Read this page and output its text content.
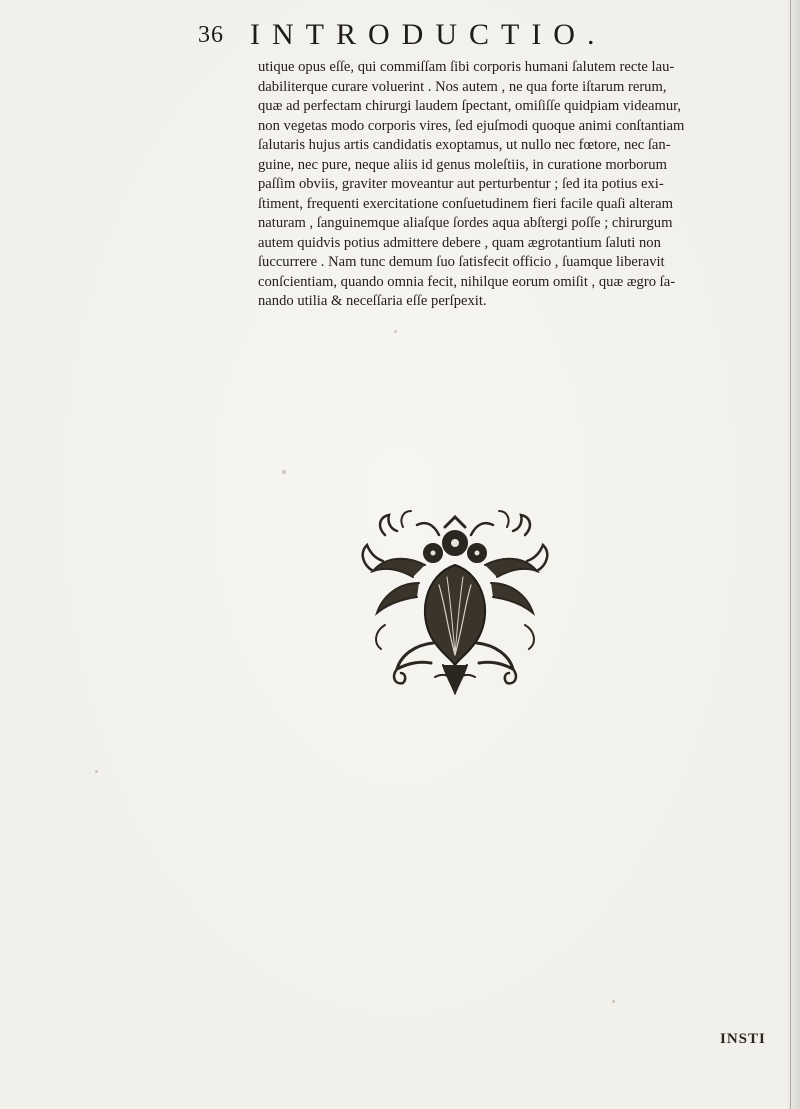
36 INTRODUCTIO.
utique opus eſſe, qui commiſſam ſibi corporis humani ſalutem recte lau-
dabiliterque curare voluerint . Nos autem , ne qua forte iſtarum rerum,
quæ ad perfectam chirurgi laudem ſpectant, omiſiſſe quidpiam videamur,
non vegetas modo corporis vires, ſed ejuſmodi quoque animi conſtantiam
ſalutaris hujus artis candidatis exoptamus, ut nullo nec fœtore, nec ſan-
guine, nec pure, neque aliis id genus moleſtiis, in curatione morborum
paſſim obviis, graviter moveantur aut perturbentur ; ſed ita potius exi-
ſtiment, frequenti exercitatione conſuetudinem fieri facile quaſi alteram
naturam , ſanguinemque aliaſque ſordes aqua abſtergi poſſe ; chirurgum
autem quidvis potius admittere debere , quam ægrotantium ſaluti non
ſuccurrere . Nam tunc demum ſuo ſatisfecit officio , ſuamque liberavit
conſcientiam, quando omnia fecit, nihilque eorum omiſit , quæ ægro ſa-
nando utilia & neceſſaria eſſe perſpexit.
INSTI
